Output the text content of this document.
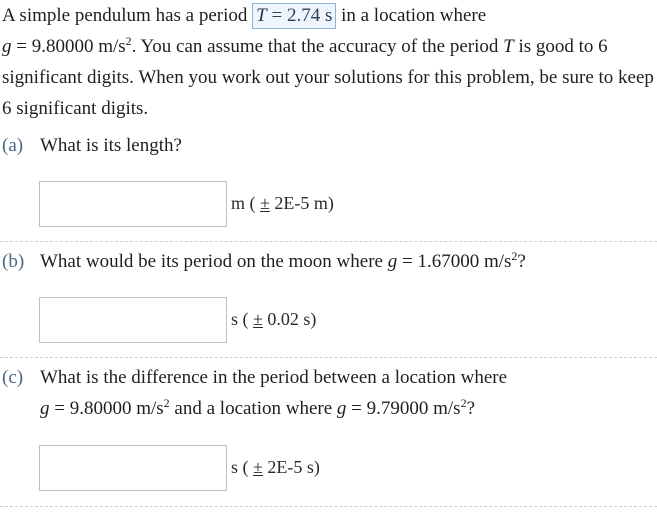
A simple pendulum has a period T = 2.74 s in a location where
g = 9.80000 $m/s^2$. You can assume that the accuracy of the period T is good to 6 significant digits. When you work out your solutions for this problem, be sure to keep 6 significant digits.

(a) What is its length?
m ( ± 2E-5 m)
(b) What would be its period on the moon where g = 1.67000 $m/s^2$?
s ( ± 0.02 s)
(c) What is the difference in the period between a location where
g = 9.80000 $m/s^2$ and a location where g = 9.79000 $m/s^2$?
s ( ± 2E-5 s)
